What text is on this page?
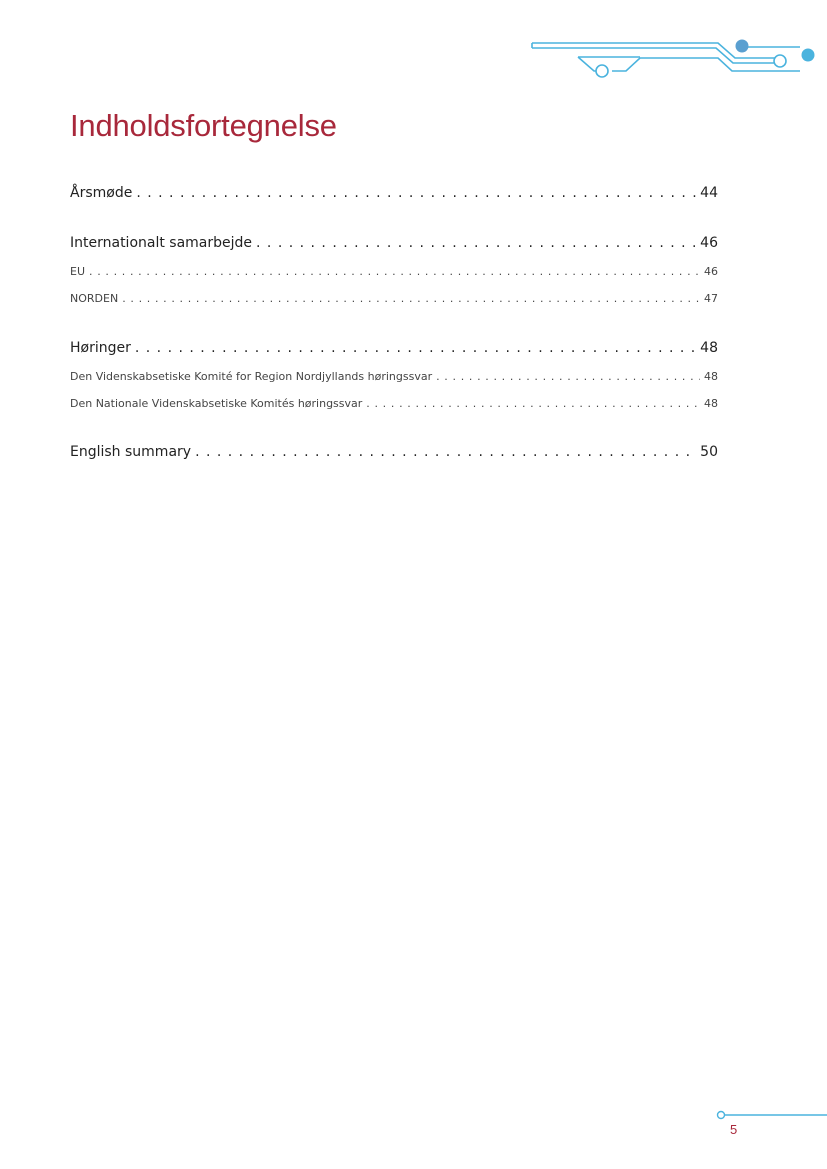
Indholdsfortegnelse
Årsmøde . . .	44
Internationalt samarbejde . . .	46
EU . . .	46
NORDEN . . .	47
Høringer . . .	48
Den Videnskabsetiske Komité for Region Nordjyllands høringssvar . . .	48
Den Nationale Videnskabsetiske Komités høringssvar . . .	48
English summary . . .	50
5
